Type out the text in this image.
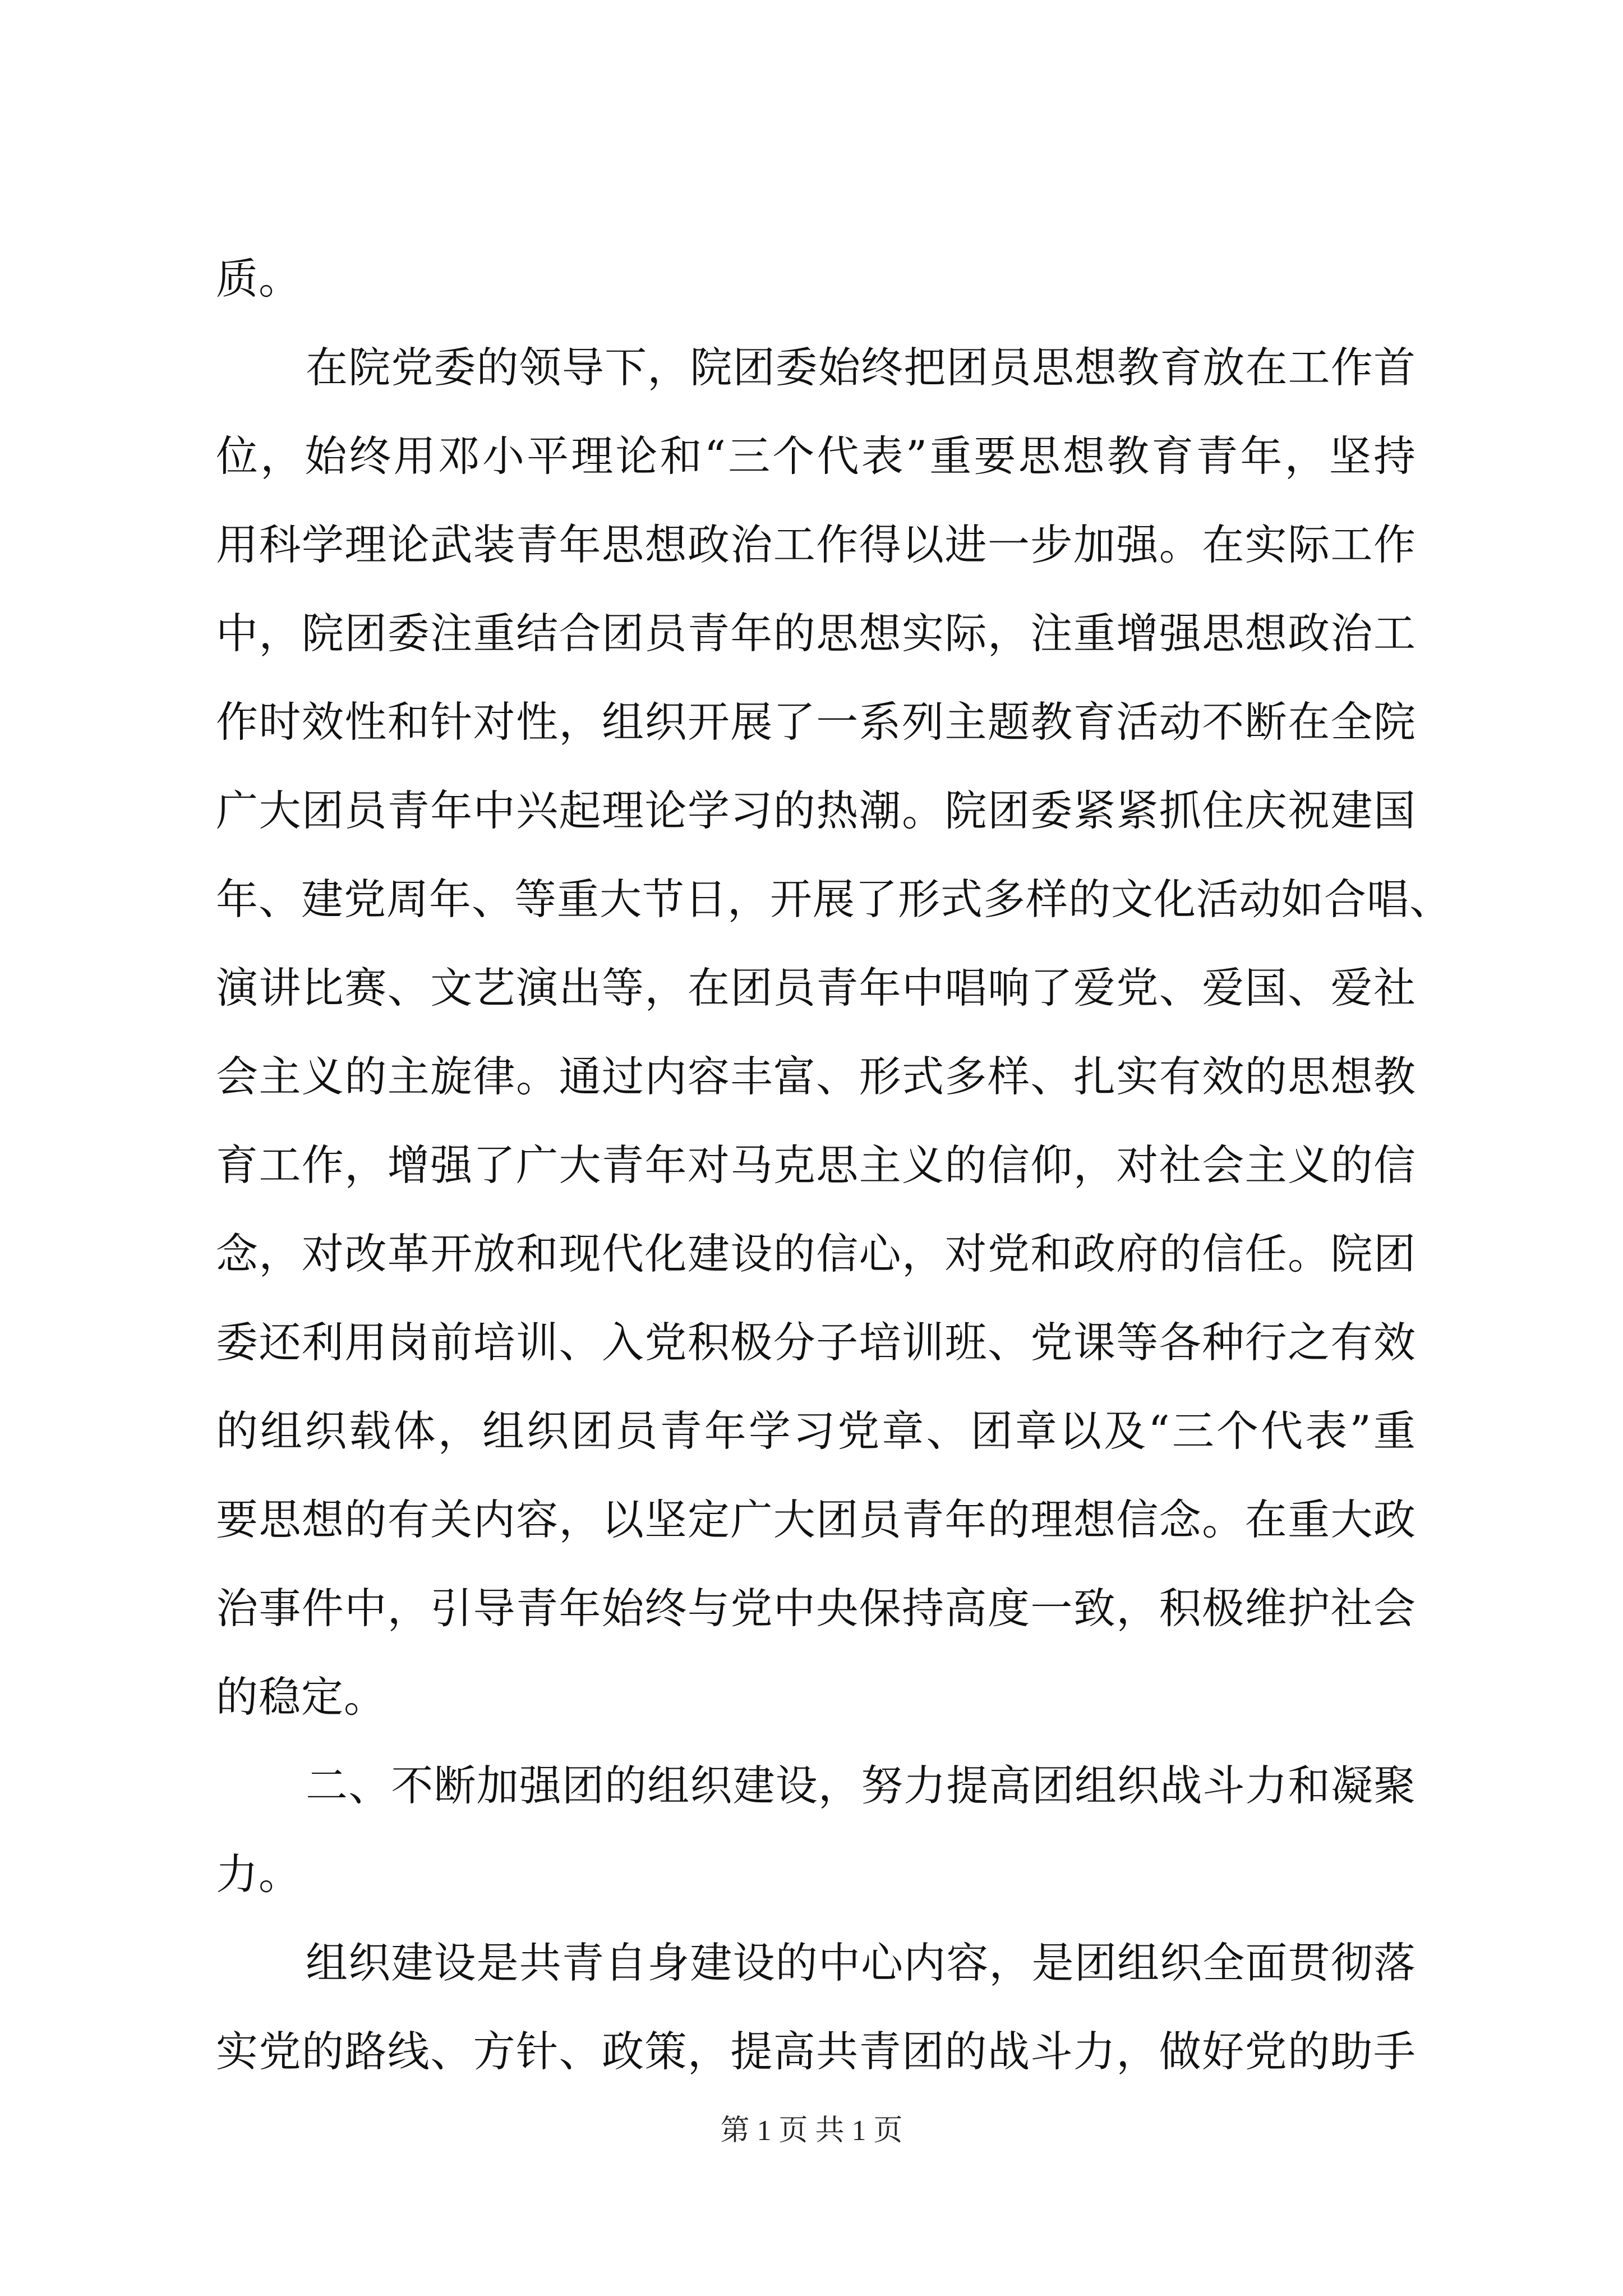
质。
在院党委的领导下，院团委始终把团员思想教育放在工作首
位，始终用邓小平理论和“三个代表”重要思想教育青年，坚持
用科学理论武装青年思想政治工作得以进一步加强。在实际工作
中，院团委注重结合团员青年的思想实际，注重增强思想政治工
作时效性和针对性，组织开展了一系列主题教育活动不断在全院
广大团员青年中兴起理论学习的热潮。院团委紧紧抓住庆祝建国
年、建党周年、等重大节日，开展了形式多样的文化活动如合唱、
演讲比赛、文艺演出等，在团员青年中唱响了爱党、爱国、爱社
会主义的主旋律。通过内容丰富、形式多样、扎实有效的思想教
育工作，增强了广大青年对马克思主义的信仰，对社会主义的信
念，对改革开放和现代化建设的信心，对党和政府的信任。院团
委还利用岗前培训、入党积极分子培训班、党课等各种行之有效
的组织载体，组织团员青年学习党章、团章以及“三个代表”重
要思想的有关内容，以坚定广大团员青年的理想信念。在重大政
治事件中，引导青年始终与党中央保持高度一致，积极维护社会
的稳定。
二、不断加强团的组织建设，努力提高团组织战斗力和凝聚
力。
组织建设是共青自身建设的中心内容，是团组织全面贯彻落
实党的路线、方针、政策，提高共青团的战斗力，做好党的助手
第 1 页 共 1 页
